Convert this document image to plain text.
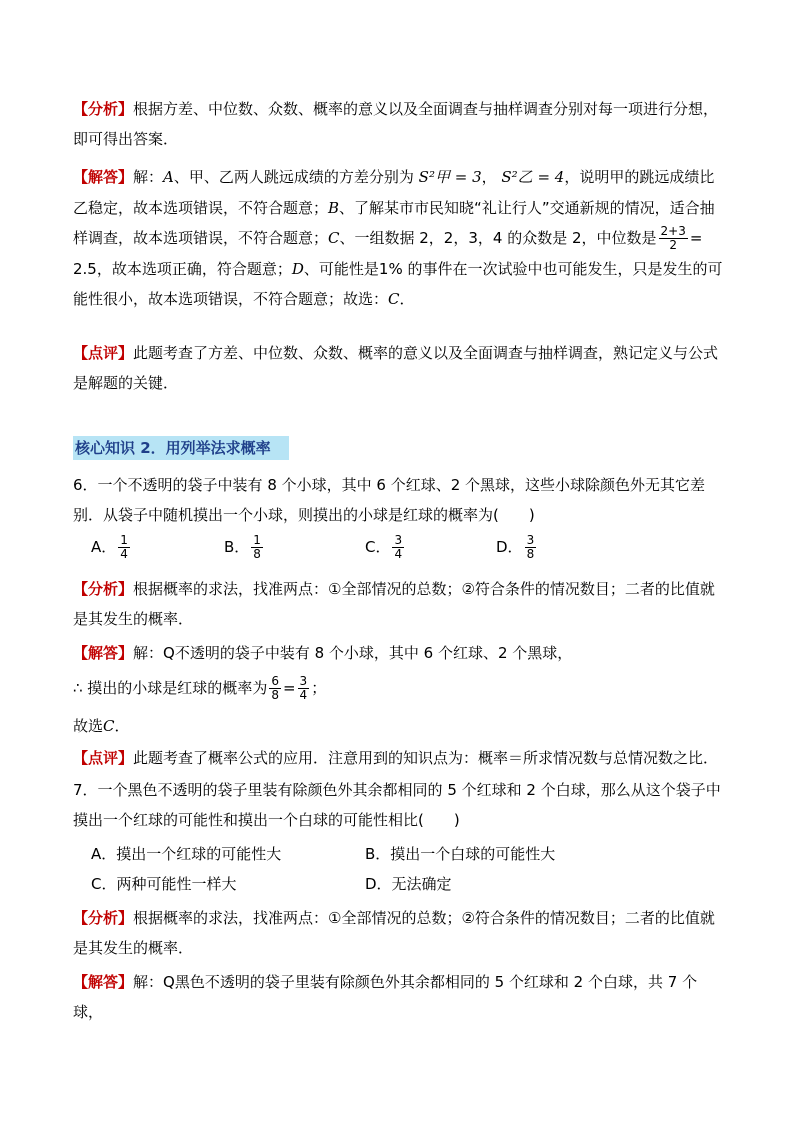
【分析】根据方差、中位数、众数、概率的意义以及全面调查与抽样调查分别对每一项进行分想，即可得出答案．
【解答】解：A、甲、乙两人跳远成绩的方差分别为 S²甲 = 3， S²乙 = 4，说明甲的跳远成绩比乙稳定，故本选项错误，不符合题意；B、了解某市市民知晓“礼让行人”交通新规的情况，适合抽样调查，故本选项错误，不符合题意；C、一组数据 2，2，3，4 的众数是 2，中位数是 $\frac{2+3}{2} = 2.5$，故本选项正确，符合题意；D、可能性是1% 的事件在一次试验中也可能发生，只是发生的可能性很小，故本选项错误，不符合题意；故选：C．
【点评】此题考查了方差、中位数、众数、概率的意义以及全面调查与抽样调查，熟记定义与公式是解题的关键．
核心知识 2．用列举法求概率
6．一个不透明的袋子中装有 8 个小球，其中 6 个红球、2 个黑球，这些小球除颜色外无其它差别．从袋子中随机摸出一个小球，则摸出的小球是红球的概率为(　　)
A． $\frac{1}{4}$	B． $\frac{1}{8}$	C． $\frac{3}{4}$	D． $\frac{3}{8}$
【分析】根据概率的求法，找准两点：①全部情况的总数；②符合条件的情况数目；二者的比值就是其发生的概率．
【解答】解：Q不透明的袋子中装有 8 个小球，其中 6 个红球、2 个黑球，
∴ 摸出的小球是红球的概率为 $\frac{6}{8} = \frac{3}{4}$ ；
故选C．
【点评】此题考查了概率公式的应用．注意用到的知识点为：概率＝所求情况数与总情况数之比．
7．一个黑色不透明的袋子里装有除颜色外其余都相同的 5 个红球和 2 个白球，那么从这个袋子中摸出一个红球的可能性和摸出一个白球的可能性相比(　　)
A．摸出一个红球的可能性大	B．摸出一个白球的可能性大
C．两种可能性一样大	D．无法确定
【分析】根据概率的求法，找准两点：①全部情况的总数；②符合条件的情况数目；二者的比值就是其发生的概率．
【解答】解：Q黑色不透明的袋子里装有除颜色外其余都相同的 5 个红球和 2 个白球，共 7 个球，
